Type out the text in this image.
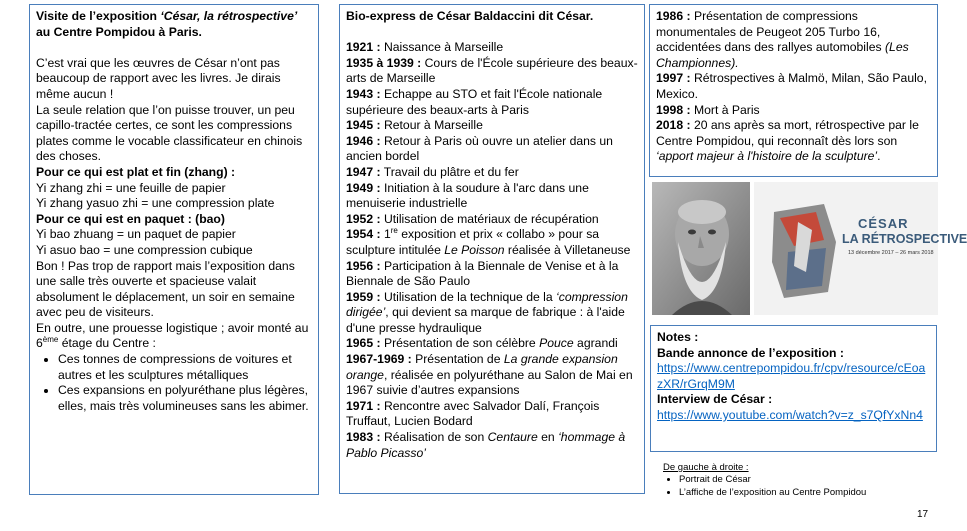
Visite de l’exposition ‘César, la rétrospective’ au Centre Pompidou à Paris.

C’est vrai que les œuvres de César n’ont pas beaucoup de rapport avec les livres. Je dirais même aucun !

La seule relation que l’on puisse trouver, un peu capillo-tractée certes, ce sont les compressions plates comme le vocable classificateur en chinois des choses.

Pour ce qui est plat et fin (zhang) :

Yi zhang zhi = une feuille de papier

Yi zhang yasuo zhi = une compression plate

Pour ce qui est en paquet : (bao)

Yi bao zhuang = un paquet de papier

Yi asuo bao = une compression cubique

Bon ! Pas trop de rapport mais l’exposition dans une salle très ouverte et spacieuse valait absolument le déplacement, un soir en semaine avec peu de visiteurs.

En outre, une prouesse logistique ; avoir monté au 6ème étage du Centre :

• Ces tonnes de compressions de voitures et autres et les sculptures métalliques
• Ces expansions en polyuréthane plus légères, elles, mais très volumineuses sans les abimer.

Bio-express de César Baldaccini dit César.

1921 : Naissance à Marseille

1935 à 1939 : Cours de l'École supérieure des beaux-arts de Marseille

1943 : Echappe au STO et fait l'École nationale supérieure des beaux-arts à Paris

1945 : Retour à Marseille

1946 : Retour à Paris où ouvre un atelier dans un ancien bordel

1947 : Travail du plâtre et du fer

1949 : Initiation à la soudure à l'arc dans une menuiserie industrielle

1952 : Utilisation de matériaux de récupération

1954 : 1re exposition et prix « collabo » pour sa sculpture intitulée Le Poisson réalisée à Villetaneuse

1956 : Participation à la Biennale de Venise et à la Biennale de São Paulo

1959 : Utilisation de la technique de la ‘compression dirigée’, qui devient sa marque de fabrique : à l'aide d'une presse hydraulique

1965 : Présentation de son célèbre Pouce agrandi

1967-1969 : Présentation de La grande expansion orange, réalisée en polyuréthane au Salon de Mai en 1967 suivie d’autres expansions

1971 : Rencontre avec Salvador Dalí, François Truffaut, Lucien Bodard

1983 : Réalisation de son Centaure en ‘hommage à Pablo Picasso’

1986 : Présentation de compressions monumentales de Peugeot 205 Turbo 16, accidentées dans des rallyes automobiles (Les Championnes).

1997 : Rétrospectives à Malmö, Milan, São Paulo, Mexico.

1998 : Mort à Paris

2018 : 20 ans après sa mort, rétrospective par le Centre Pompidou, qui reconnaît dès lors son ‘apport majeur à l'histoire de la sculpture’.

CÉSAR
LA RÉTROSPECTIVE
13 décembre 2017 – 26 mars 2018

Notes :

Bande annonce de l’exposition :

https://www.centrepompidou.fr/cpv/resource/cEoazXR/rGrqM9M

Interview de César :

https://www.youtube.com/watch?v=z_s7QfYxNn4

De gauche à droite :

• Portrait de César
• L’affiche de l’exposition au Centre Pompidou
17
